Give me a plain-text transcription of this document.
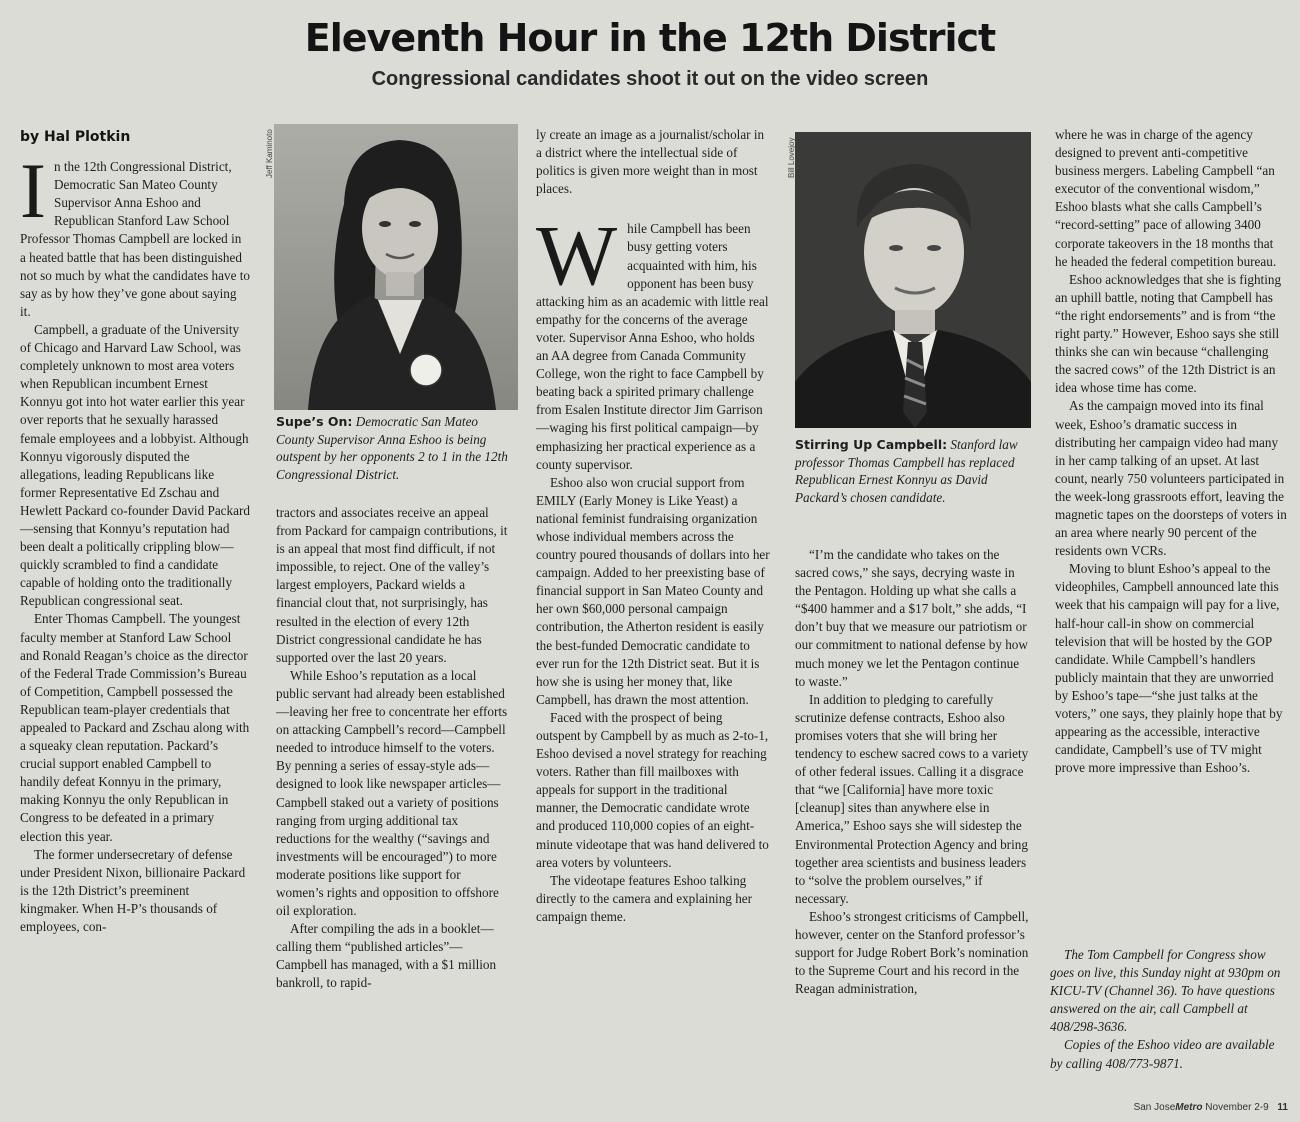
Eleventh Hour in the 12th District
Congressional candidates shoot it out on the video screen
by Hal Plotkin

In the 12th Congressional District, Democratic San Mateo County Supervisor Anna Eshoo and Republican Stanford Law School Professor Thomas Campbell are locked in a heated battle that has been distinguished not so much by what the candidates have to say as by how they’ve gone about saying it.

Campbell, a graduate of the University of Chicago and Harvard Law School, was completely unknown to most area voters when Republican incumbent Ernest Konnyu got into hot water earlier this year over reports that he sexually harassed female employees and a lobbyist. Although Konnyu vigorously disputed the allegations, leading Republicans like former Representative Ed Zschau and Hewlett Packard co-founder David Packard—sensing that Konnyu’s reputation had been dealt a politically crippling blow—quickly scrambled to find a candidate capable of holding onto the traditionally Republican congressional seat.

Enter Thomas Campbell. The youngest faculty member at Stanford Law School and Ronald Reagan’s choice as the director of the Federal Trade Commission’s Bureau of Competition, Campbell possessed the Republican team-player credentials that appealed to Packard and Zschau along with a squeaky clean reputation. Packard’s crucial support enabled Campbell to handily defeat Konnyu in the primary, making Konnyu the only Republican in Congress to be defeated in a primary election this year.

The former undersecretary of defense under President Nixon, billionaire Packard is the 12th District’s preeminent kingmaker. When H-P’s thousands of employees, con-

Jeff Kaminoto
Supe’s On: Democratic San Mateo County Supervisor Anna Eshoo is being outspent by her opponents 2 to 1 in the 12th Congressional District.

tractors and associates receive an appeal from Packard for campaign contributions, it is an appeal that most find difficult, if not impossible, to reject. One of the valley’s largest employers, Packard wields a financial clout that, not surprisingly, has resulted in the election of every 12th District congressional candidate he has supported over the last 20 years.

While Eshoo’s reputation as a local public servant had already been established—leaving her free to concentrate her efforts on attacking Campbell’s record—Campbell needed to introduce himself to the voters. By penning a series of essay-style ads—designed to look like newspaper articles—Campbell staked out a variety of positions ranging from urging additional tax reductions for the wealthy (“savings and investments will be encouraged”) to more moderate positions like support for women’s rights and opposition to offshore oil exploration.

After compiling the ads in a booklet—calling them “published articles”—Campbell has managed, with a $1 million bankroll, to rapid-

ly create an image as a journalist/scholar in a district where the intellectual side of politics is given more weight than in most places.

While Campbell has been busy getting voters acquainted with him, his opponent has been busy attacking him as an academic with little real empathy for the concerns of the average voter. Supervisor Anna Eshoo, who holds an AA degree from Canada Community College, won the right to face Campbell by beating back a spirited primary challenge from Esalen Institute director Jim Garrison—waging his first political campaign—by emphasizing her practical experience as a county supervisor.

Eshoo also won crucial support from EMILY (Early Money is Like Yeast) a national feminist fundraising organization whose individual members across the country poured thousands of dollars into her campaign. Added to her preexisting base of financial support in San Mateo County and her own $60,000 personal campaign contribution, the Atherton resident is easily the best-funded Democratic candidate to ever run for the 12th District seat. But it is how she is using her money that, like Campbell, has drawn the most attention.

Faced with the prospect of being outspent by Campbell by as much as 2-to-1, Eshoo devised a novel strategy for reaching voters. Rather than fill mailboxes with appeals for support in the traditional manner, the Democratic candidate wrote and produced 110,000 copies of an eight-minute videotape that was hand delivered to area voters by volunteers.

The videotape features Eshoo talking directly to the camera and explaining her campaign theme.

Bill Lovejoy
Stirring Up Campbell: Stanford law professor Thomas Campbell has replaced Republican Ernest Konnyu as David Packard’s chosen candidate.

“I’m the candidate who takes on the sacred cows,” she says, decrying waste in the Pentagon. Holding up what she calls a “$400 hammer and a $17 bolt,” she adds, “I don’t buy that we measure our patriotism or our commitment to national defense by how much money we let the Pentagon continue to waste.”

In addition to pledging to carefully scrutinize defense contracts, Eshoo also promises voters that she will bring her tendency to eschew sacred cows to a variety of other federal issues. Calling it a disgrace that “we [California] have more toxic [cleanup] sites than anywhere else in America,” Eshoo says she will sidestep the Environmental Protection Agency and bring together area scientists and business leaders to “solve the problem ourselves,” if necessary.

Eshoo’s strongest criticisms of Campbell, however, center on the Stanford professor’s support for Judge Robert Bork’s nomination to the Supreme Court and his record in the Reagan administration,

where he was in charge of the agency designed to prevent anti-competitive business mergers. Labeling Campbell “an executor of the conventional wisdom,” Eshoo blasts what she calls Campbell’s “record-setting” pace of allowing 3400 corporate takeovers in the 18 months that he headed the federal competition bureau.

Eshoo acknowledges that she is fighting an uphill battle, noting that Campbell has “the right endorsements” and is from “the right party.” However, Eshoo says she still thinks she can win because “challenging the sacred cows” of the 12th District is an idea whose time has come.

As the campaign moved into its final week, Eshoo’s dramatic success in distributing her campaign video had many in her camp talking of an upset. At last count, nearly 750 volunteers participated in the week-long grassroots effort, leaving the magnetic tapes on the doorsteps of voters in an area where nearly 90 percent of the residents own VCRs.

Moving to blunt Eshoo’s appeal to the videophiles, Campbell announced late this week that his campaign will pay for a live, half-hour call-in show on commercial television that will be hosted by the GOP candidate. While Campbell’s handlers publicly maintain that they are unworried by Eshoo’s tape—“she just talks at the voters,” one says, they plainly hope that by appearing as the accessible, interactive candidate, Campbell’s use of TV might prove more impressive than Eshoo’s.

The Tom Campbell for Congress show goes on live, this Sunday night at 930pm on KICU-TV (Channel 36). To have questions answered on the air, call Campbell at 408/298-3636.

Copies of the Eshoo video are available by calling 408/773-9871.

San JoseMetro November 2-9 11
